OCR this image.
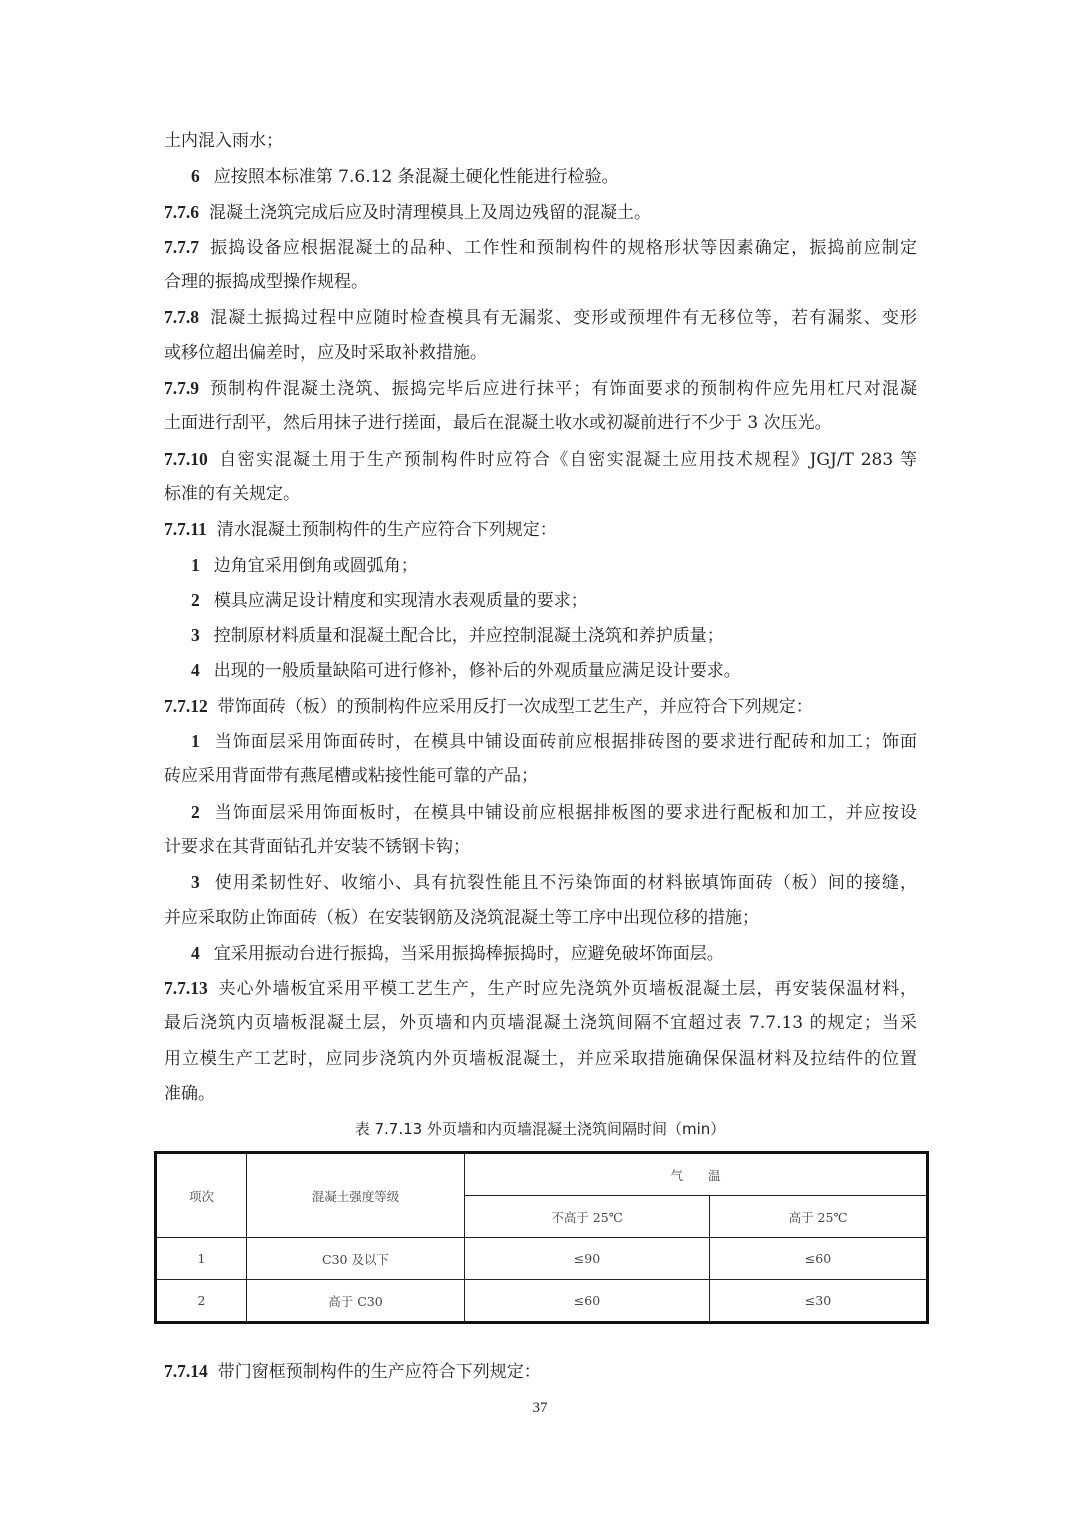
土内混入雨水；
6 应按照本标准第 7.6.12 条混凝土硬化性能进行检验。
7.7.6 混凝土浇筑完成后应及时清理模具上及周边残留的混凝土。
7.7.7 振捣设备应根据混凝土的品种、工作性和预制构件的规格形状等因素确定，振捣前应制定
合理的振捣成型操作规程。
7.7.8 混凝土振捣过程中应随时检查模具有无漏浆、变形或预埋件有无移位等，若有漏浆、变形
或移位超出偏差时，应及时采取补救措施。
7.7.9 预制构件混凝土浇筑、振捣完毕后应进行抹平；有饰面要求的预制构件应先用杠尺对混凝
土面进行刮平，然后用抹子进行搓面，最后在混凝土收水或初凝前进行不少于 3 次压光。
7.7.10 自密实混凝土用于生产预制构件时应符合《自密实混凝土应用技术规程》JGJ/T 283 等
标准的有关规定。
7.7.11 清水混凝土预制构件的生产应符合下列规定：
1 边角宜采用倒角或圆弧角；
2 模具应满足设计精度和实现清水表观质量的要求；
3 控制原材料质量和混凝土配合比，并应控制混凝土浇筑和养护质量；
4 出现的一般质量缺陷可进行修补，修补后的外观质量应满足设计要求。
7.7.12 带饰面砖（板）的预制构件应采用反打一次成型工艺生产，并应符合下列规定：
1 当饰面层采用饰面砖时，在模具中铺设面砖前应根据排砖图的要求进行配砖和加工；饰面
砖应采用背面带有燕尾槽或粘接性能可靠的产品；
2 当饰面层采用饰面板时，在模具中铺设前应根据排板图的要求进行配板和加工，并应按设
计要求在其背面钻孔并安装不锈钢卡钩；
3 使用柔韧性好、收缩小、具有抗裂性能且不污染饰面的材料嵌填饰面砖（板）间的接缝，
并应采取防止饰面砖（板）在安装钢筋及浇筑混凝土等工序中出现位移的措施；
4 宜采用振动台进行振捣，当采用振捣棒振捣时，应避免破坏饰面层。
7.7.13 夹心外墙板宜采用平模工艺生产，生产时应先浇筑外页墙板混凝土层，再安装保温材料，
最后浇筑内页墙板混凝土层，外页墙和内页墙混凝土浇筑间隔不宜超过表 7.7.13 的规定；当采
用立模生产工艺时，应同步浇筑内外页墙板混凝土，并应采取措施确保保温材料及拉结件的位置
准确。
表 7.7.13 外页墙和内页墙混凝土浇筑间隔时间（min）
项次	混凝土强度等级	气　　温	
		不高于 25℃	高于 25℃
1	C30 及以下	≤90	≤60
2	高于 C30	≤60	≤30
7.7.14 带门窗框预制构件的生产应符合下列规定：
37
